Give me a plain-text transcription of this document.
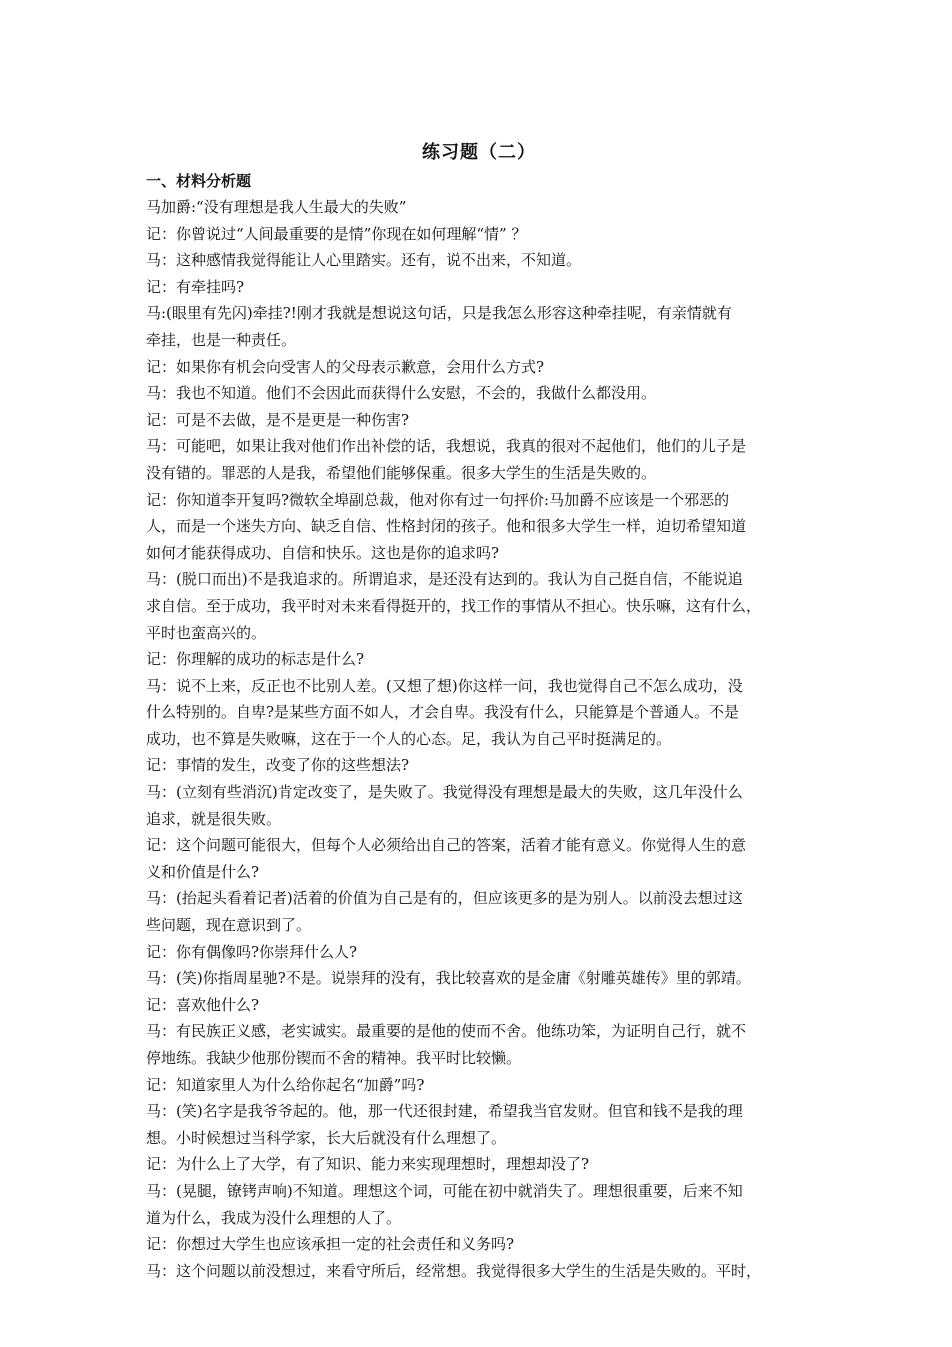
练习题（二）
一、材料分析题

马加爵:“没有理想是我人生最大的失败”

记：你曾说过“人间最重要的是情”你现在如何理解“情” ？

马：这种感情我觉得能让人心里踏实。还有，说不出来，不知道。

记：有牵挂吗?

马:(眼里有先闪)牵挂?!刚才我就是想说这句话，只是我怎么形容这种牵挂呢，有亲情就有

牵挂，也是一种责任。

记：如果你有机会向受害人的父母表示歉意，会用什么方式?

马：我也不知道。他们不会因此而获得什么安慰，不会的，我做什么都没用。

记：可是不去做，是不是更是一种伤害?

马：可能吧，如果让我对他们作出补偿的话，我想说，我真的很对不起他们，他们的儿子是

没有错的。罪恶的人是我，希望他们能够保重。很多大学生的生活是失败的。

记：你知道李开复吗?微软全埠副总裁，他对你有过一句抨价:马加爵不应该是一个邪恶的

人，而是一个迷失方向、缺乏自信、性格封闭的孩子。他和很多大学生一样，迫切希望知道

如何才能获得成功、自信和快乐。这也是你的追求吗?

马：(脱口而出)不是我追求的。所谓追求，是还没有达到的。我认为自己挺自信，不能说追

求自信。至于成功，我平时对未来看得挺开的，找工作的事情从不担心。快乐嘛，这有什么，

平时也蛮高兴的。

记：你理解的成功的标志是什么?

马：说不上来，反正也不比别人差。(又想了想)你这样一问，我也觉得自己不怎么成功，没

什么特别的。自卑?是某些方面不如人，才会自卑。我没有什么，只能算是个普通人。不是

成功，也不算是失败嘛，这在于一个人的心态。足，我认为自己平时挺满足的。

记：事情的发生，改变了你的这些想法?

马：(立刻有些消沉)肯定改变了，是失败了。我觉得没有理想是最大的失败，这几年没什么

追求，就是很失败。

记：这个问题可能很大，但每个人必须给出自己的答案，活着才能有意义。你觉得人生的意

义和价值是什么?

马：(抬起头看着记者)活着的价值为自己是有的，但应该更多的是为别人。以前没去想过这

些问题，现在意识到了。

记：你有偶像吗?你崇拜什么人?

马：(笑)你指周星驰?不是。说崇拜的没有，我比较喜欢的是金庸《射雕英雄传》里的郭靖。

记：喜欢他什么?

马：有民族正义感，老实诚实。最重要的是他的使而不舍。他练功笨，为证明自己行，就不

停地练。我缺少他那份锲而不舍的精神。我平时比较懒。

记：知道家里人为什么给你起名“加爵”吗?

马：(笑)名字是我爷爷起的。他，那一代还很封建，希望我当官发财。但官和钱不是我的理

想。小时候想过当科学家，长大后就没有什么理想了。

记：为什么上了大学，有了知识、能力来实现理想时，理想却没了?

马：(晃腿，镣铐声响)不知道。理想这个词，可能在初中就消失了。理想很重要，后来不知

道为什么，我成为没什么理想的人了。

记：你想过大学生也应该承担一定的社会责任和义务吗?

马：这个问题以前没想过，来看守所后，经常想。我觉得很多大学生的生活是失败的。平时，
